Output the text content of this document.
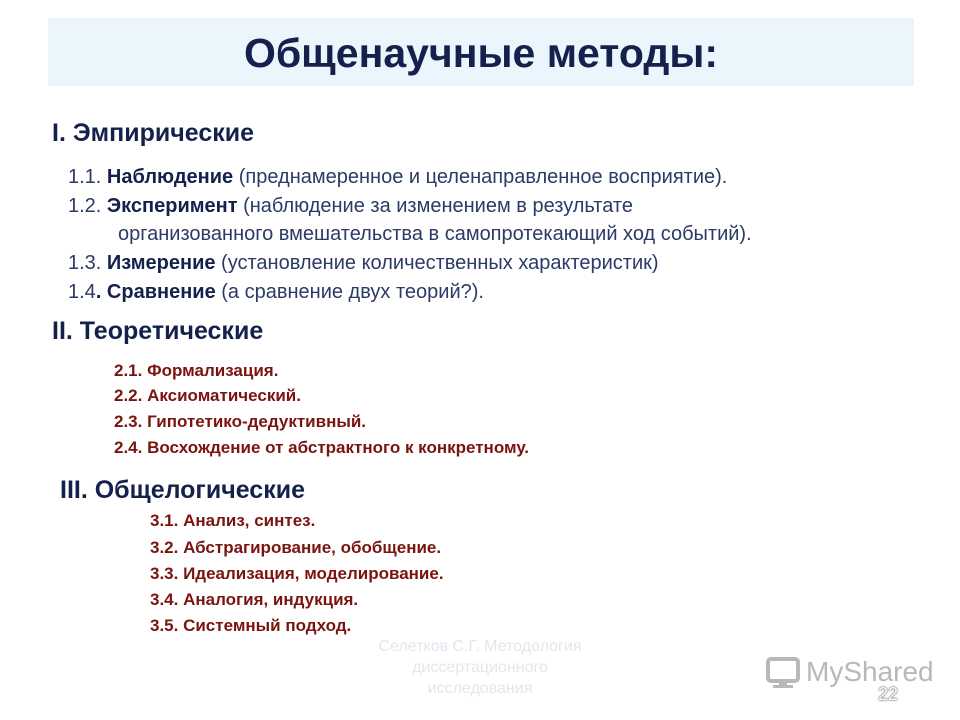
Общенаучные методы:
I. Эмпирические
1.1. Наблюдение (преднамеренное и целенаправленное восприятие).
1.2. Эксперимент (наблюдение за изменением в результате
организованного вмешательства в самопротекающий ход событий).
1.3. Измерение (установление количественных характеристик)
1.4. Сравнение (а сравнение двух теорий?).
II. Теоретические
2.1. Формализация.
2.2. Аксиоматический.
2.3. Гипотетико-дедуктивный.
2.4. Восхождение от абстрактного к конкретному.
III. Общелогические
3.1. Анализ, синтез.
3.2. Абстрагирование, обобщение.
3.3. Идеализация, моделирование.
3.4. Аналогия, индукция.
3.5. Системный подход.
Селетков С.Г. Методология
диссертационного
исследования
MyShared
22
